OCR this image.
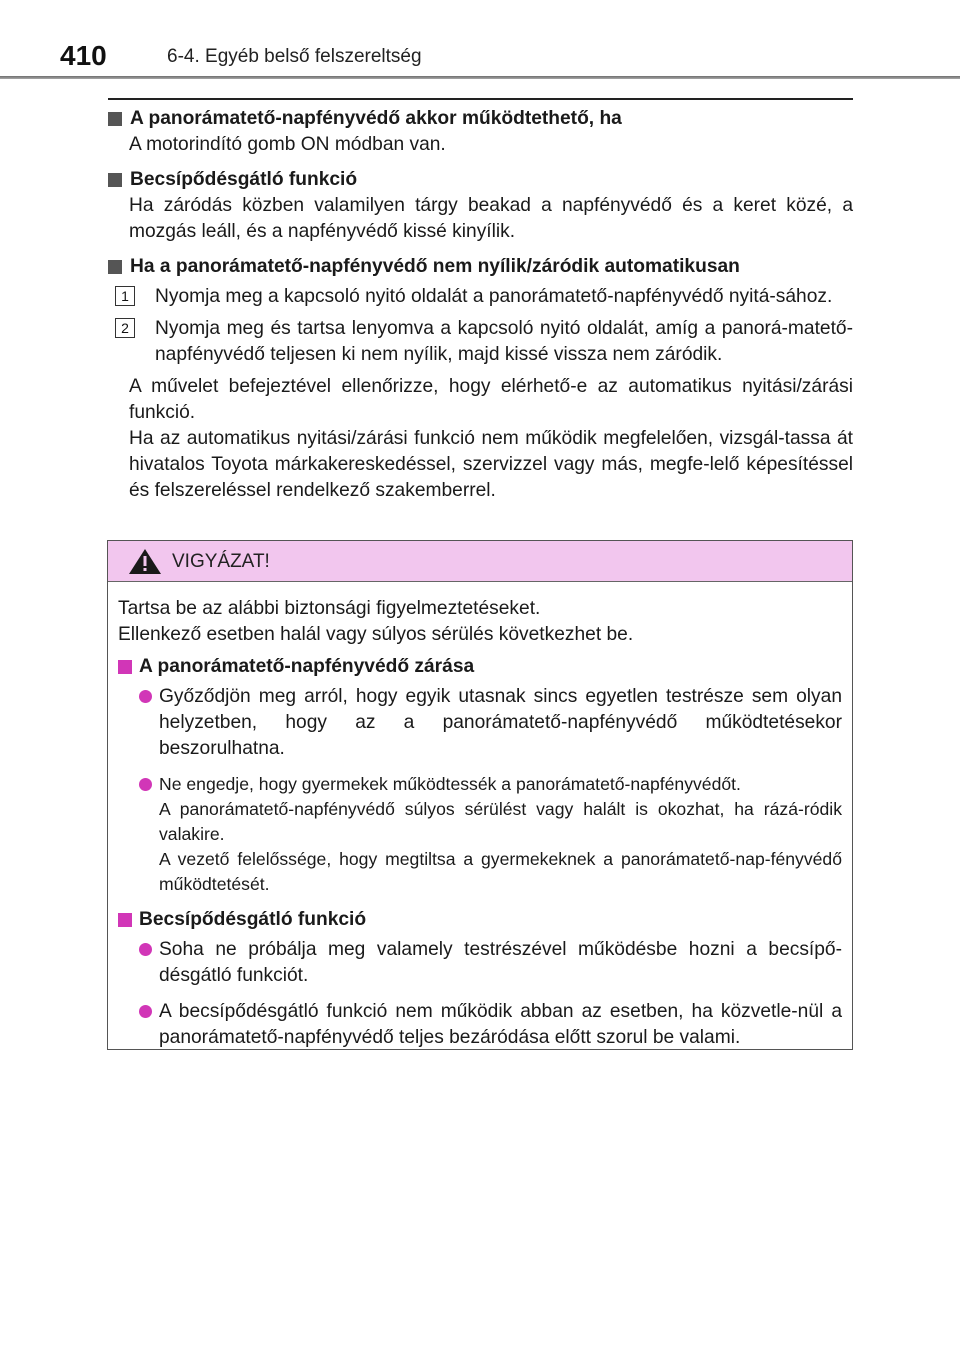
410	6-4. Egyéb belső felszereltség
A panorámatető-napfényvédő akkor működtethető, ha
A motorindító gomb ON módban van.
Becsípődésgátló funkció
Ha záródás közben valamilyen tárgy beakad a napfényvédő és a keret közé, a mozgás leáll, és a napfényvédő kissé kinyílik.
Ha a panorámatető-napfényvédő nem nyílik/záródik automatikusan
1	Nyomja meg a kapcsoló nyitó oldalát a panorámatető-napfényvédő nyitá-sához.
2	Nyomja meg és tartsa lenyomva a kapcsoló nyitó oldalát, amíg a panorá-matető-napfényvédő teljesen ki nem nyílik, majd kissé vissza nem záródik.
A művelet befejeztével ellenőrizze, hogy elérhető-e az automatikus nyitási/zárási funkció.
Ha az automatikus nyitási/zárási funkció nem működik megfelelően, vizsgál-tassa át hivatalos Toyota márkakereskedéssel, szervizzel vagy más, megfe-lelő képesítéssel és felszereléssel rendelkező szakemberrel.
VIGYÁZAT!
Tartsa be az alábbi biztonsági figyelmeztetéseket.
Ellenkező esetben halál vagy súlyos sérülés következhet be.
A panorámatető-napfényvédő zárása
Győződjön meg arról, hogy egyik utasnak sincs egyetlen testrésze sem olyan helyzetben, hogy az a panorámatető-napfényvédő működtetésekor beszorulhatna.
Ne engedje, hogy gyermekek működtessék a panorámatető-napfényvédőt.
A panorámatető-napfényvédő súlyos sérülést vagy halált is okozhat, ha rázá-ródik valakire.
A vezető felelőssége, hogy megtiltsa a gyermekeknek a panorámatető-nap-fényvédő működtetését.
Becsípődésgátló funkció
Soha ne próbálja meg valamely testrészével működésbe hozni a becsípő-désgátló funkciót.
A becsípődésgátló funkció nem működik abban az esetben, ha közvetle-nül a panorámatető-napfényvédő teljes bezáródása előtt szorul be valami.
